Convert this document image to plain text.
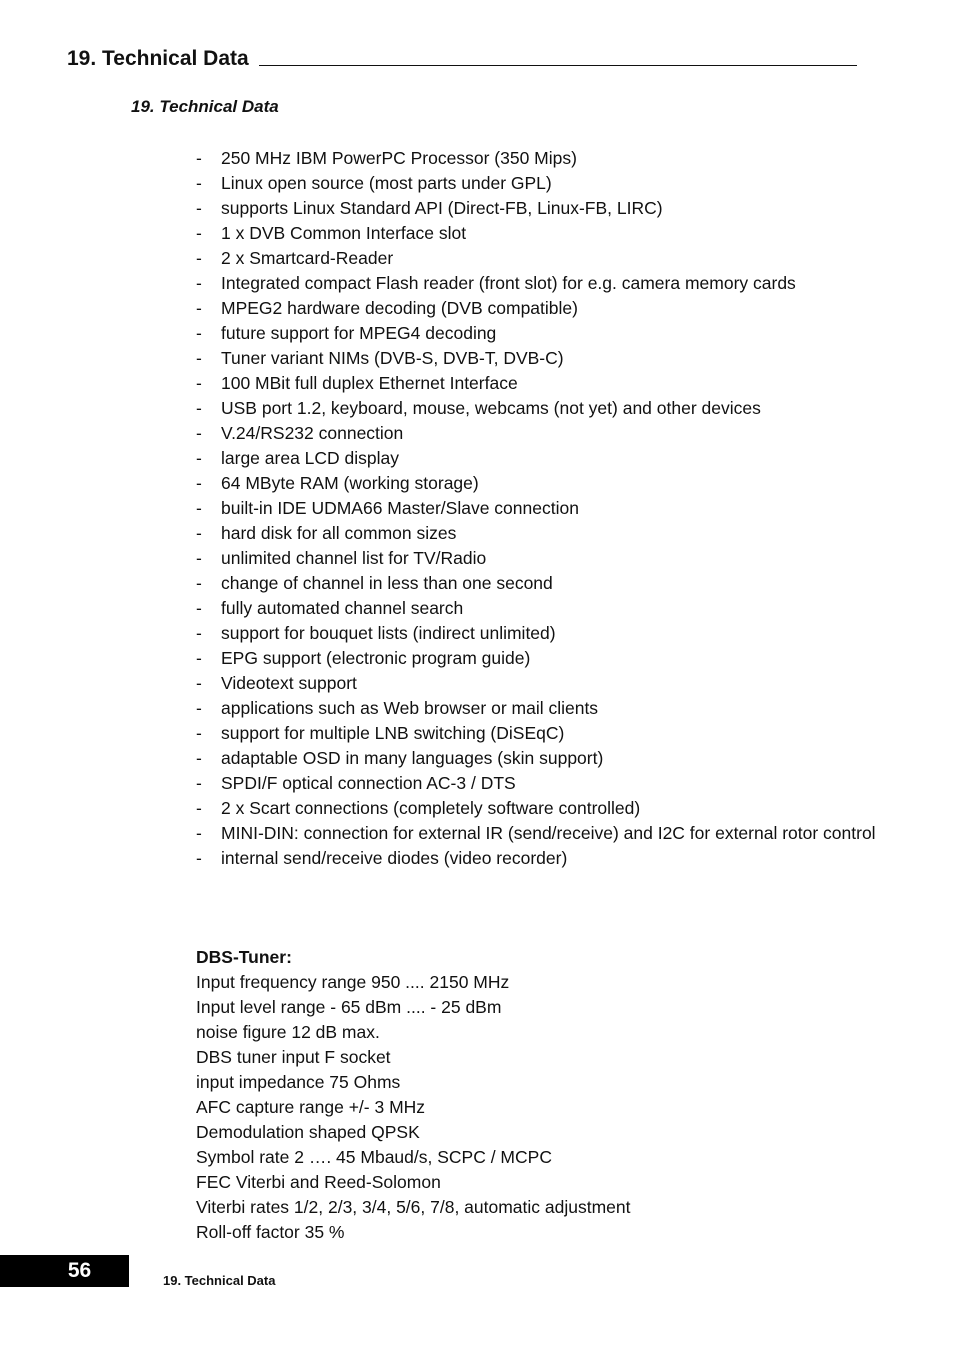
19. Technical Data
19. Technical Data
- 250 MHz IBM PowerPC Processor (350 Mips)
- Linux open source (most parts under GPL)
- supports Linux Standard API (Direct-FB, Linux-FB, LIRC)
- 1 x DVB Common Interface slot
- 2 x Smartcard-Reader
- Integrated compact Flash reader (front slot) for e.g. camera memory cards
- MPEG2 hardware decoding (DVB compatible)
- future support for MPEG4 decoding
- Tuner variant NIMs (DVB-S, DVB-T, DVB-C)
- 100 MBit full duplex Ethernet Interface
- USB port 1.2, keyboard, mouse, webcams (not yet) and other devices
- V.24/RS232 connection
- large area LCD display
- 64 MByte RAM (working storage)
- built-in IDE UDMA66 Master/Slave connection
- hard disk for all common sizes
- unlimited channel list for TV/Radio
- change of channel in less than one second
- fully automated channel search
- support for bouquet lists (indirect unlimited)
- EPG support (electronic program guide)
- Videotext support
- applications such as Web browser or mail clients
- support for multiple LNB switching (DiSEqC)
- adaptable OSD in many languages (skin support)
- SPDI/F optical connection AC-3 / DTS
- 2 x Scart connections (completely software controlled)
- MINI-DIN: connection for external IR (send/receive) and I2C for external rotor control
- internal send/receive diodes (video recorder)
DBS-Tuner:
Input frequency range 950 .... 2150 MHz
Input level range - 65 dBm .... - 25 dBm
noise figure 12 dB max.
DBS tuner input F socket
input impedance 75 Ohms
AFC capture range +/- 3 MHz
Demodulation shaped QPSK
Symbol rate 2 …. 45 Mbaud/s, SCPC / MCPC
FEC Viterbi and Reed-Solomon
Viterbi rates 1/2, 2/3, 3/4, 5/6, 7/8, automatic adjustment
Roll-off factor 35 %
56	19. Technical Data
